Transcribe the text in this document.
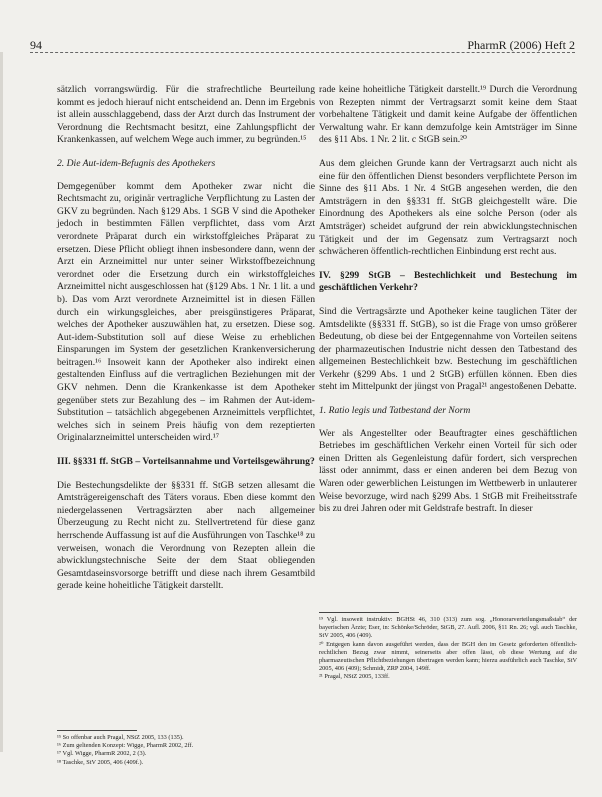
94	PharmR (2006) Heft 2

sätzlich vorrangswürdig. Für die strafrechtliche Beurteilung kommt es jedoch hierauf nicht entscheidend an. Denn im Ergebnis ist allein ausschlaggebend, dass der Arzt durch das Instrument der Verordnung die Rechtsmacht besitzt, eine Zahlungspflicht der Krankenkassen, auf welchem Wege auch immer, zu begründen.¹⁵

2. Die Aut-idem-Befugnis des Apothekers

Demgegenüber kommt dem Apotheker zwar nicht die Rechtsmacht zu, originär vertragliche Verpflichtung zu Lasten der GKV zu begründen. Nach §129 Abs. 1 SGB V sind die Apotheker jedoch in bestimmten Fällen verpflichtet, dass vom Arzt verordnete Präparat durch ein wirkstoffgleiches Präparat zu ersetzen. Diese Pflicht obliegt ihnen insbesondere dann, wenn der Arzt ein Arzneimittel nur unter seiner Wirkstoffbezeichnung verordnet oder die Ersetzung durch ein wirkstoffgleiches Arzneimittel nicht ausgeschlossen hat (§129 Abs. 1 Nr. 1 lit. a und b). Das vom Arzt verordnete Arzneimittel ist in diesen Fällen durch ein wirkungsgleiches, aber preisgünstigeres Präparat, welches der Apotheker auszuwählen hat, zu ersetzen. Diese sog. Aut-idem-Substitution soll auf diese Weise zu erheblichen Einsparungen im System der gesetzlichen Krankenversicherung beitragen.¹⁶ Insoweit kann der Apotheker also indirekt einen gestaltenden Einfluss auf die vertraglichen Beziehungen mit der GKV nehmen. Denn die Krankenkasse ist dem Apotheker gegenüber stets zur Bezahlung des – im Rahmen der Aut-idem-Substitution – tatsächlich abgegebenen Arzneimittels verpflichtet, welches sich in seinem Preis häufig von dem rezeptierten Originalarzneimittel unterscheiden wird.¹⁷

III. §§331 ff. StGB – Vorteilsannahme und Vorteilsgewährung?

Die Bestechungsdelikte der §§331 ff. StGB setzen allesamt die Amtsträgereigenschaft des Täters voraus. Eben diese kommt den niedergelassenen Vertragsärzten aber nach allgemeiner Überzeugung zu Recht nicht zu. Stellvertretend für diese ganz herrschende Auffassung ist auf die Ausführungen von Taschke¹⁸ zu verweisen, wonach die Verordnung von Rezepten allein die abwicklungstechnische Seite der dem Staat obliegenden Gesamtdaseinsvorsorge betrifft und diese nach ihrem Gesamtbild gerade keine hoheitliche Tätigkeit darstellt.

¹⁵ So offenbar auch Pragal, NStZ 2005, 133 (135).
¹⁶ Zum geltenden Konzept: Wigge, PharmR 2002, 2ff.
¹⁷ Vgl. Wigge, PharmR 2002, 2 (3).
¹⁸ Taschke, StV 2005, 406 (409f.).

rade keine hoheitliche Tätigkeit darstellt.¹⁹ Durch die Verordnung von Rezepten nimmt der Vertragsarzt somit keine dem Staat vorbehaltene Tätigkeit und damit keine Aufgabe der öffentlichen Verwaltung wahr. Er kann demzufolge kein Amtsträger im Sinne des §11 Abs. 1 Nr. 2 lit. c StGB sein.²⁰

Aus dem gleichen Grunde kann der Vertragsarzt auch nicht als eine für den öffentlichen Dienst besonders verpflichtete Person im Sinne des §11 Abs. 1 Nr. 4 StGB angesehen werden, die den Amtsträgern in den §§331 ff. StGB gleichgestellt wäre. Die Einordnung des Apothekers als eine solche Person (oder als Amtsträger) scheidet aufgrund der rein abwicklungstechnischen Tätigkeit und der im Gegensatz zum Vertragsarzt noch schwächeren öffentlich-rechtlichen Einbindung erst recht aus.

IV. §299 StGB – Bestechlichkeit und Bestechung im geschäftlichen Verkehr?

Sind die Vertragsärzte und Apotheker keine tauglichen Täter der Amtsdelikte (§§331 ff. StGB), so ist die Frage von umso größerer Bedeutung, ob diese bei der Entgegennahme von Vorteilen seitens der pharmazeutischen Industrie nicht dessen den Tatbestand des allgemeinen Bestechlichkeit bzw. Bestechung im geschäftlichen Verkehr (§299 Abs. 1 und 2 StGB) erfüllen können. Eben dies steht im Mittelpunkt der jüngst von Pragal²¹ angestoßenen Debatte.

1. Ratio legis und Tatbestand der Norm

Wer als Angestellter oder Beauftragter eines geschäftlichen Betriebes im geschäftlichen Verkehr einen Vorteil für sich oder einen Dritten als Gegenleistung dafür fordert, sich versprechen lässt oder annimmt, dass er einen anderen bei dem Bezug von Waren oder gewerblichen Leistungen im Wettbewerb in unlauterer Weise bevorzuge, wird nach §299 Abs. 1 StGB mit Freiheitsstrafe bis zu drei Jahren oder mit Geldstrafe bestraft. In dieser

¹⁹ Vgl. insoweit instruktiv: BGHSt 46, 310 (313) zum sog. „Honorarverteilungsmaßstab“ der bayerischen Ärzte; Eser, in: Schönke/Schröder, StGB, 27. Aufl. 2006, §11 Rn. 26; vgl. auch Taschke, StV 2005, 406 (409).
²⁰ Entgegen kann davon ausgeführt werden, dass der BGH den im Gesetz geforderten öffentlich-rechtlichen Bezug zwar nimmt, seinerseits aber offen lässt, ob diese Wertung auf die pharmazeutischen Pflichtbeziehungen übertragen werden kann; hierzu ausführlich auch Taschke, StV 2005, 406 (409); Schmidt, ZRP 2004, 149ff.
²¹ Pragal, NStZ 2005, 133ff.
